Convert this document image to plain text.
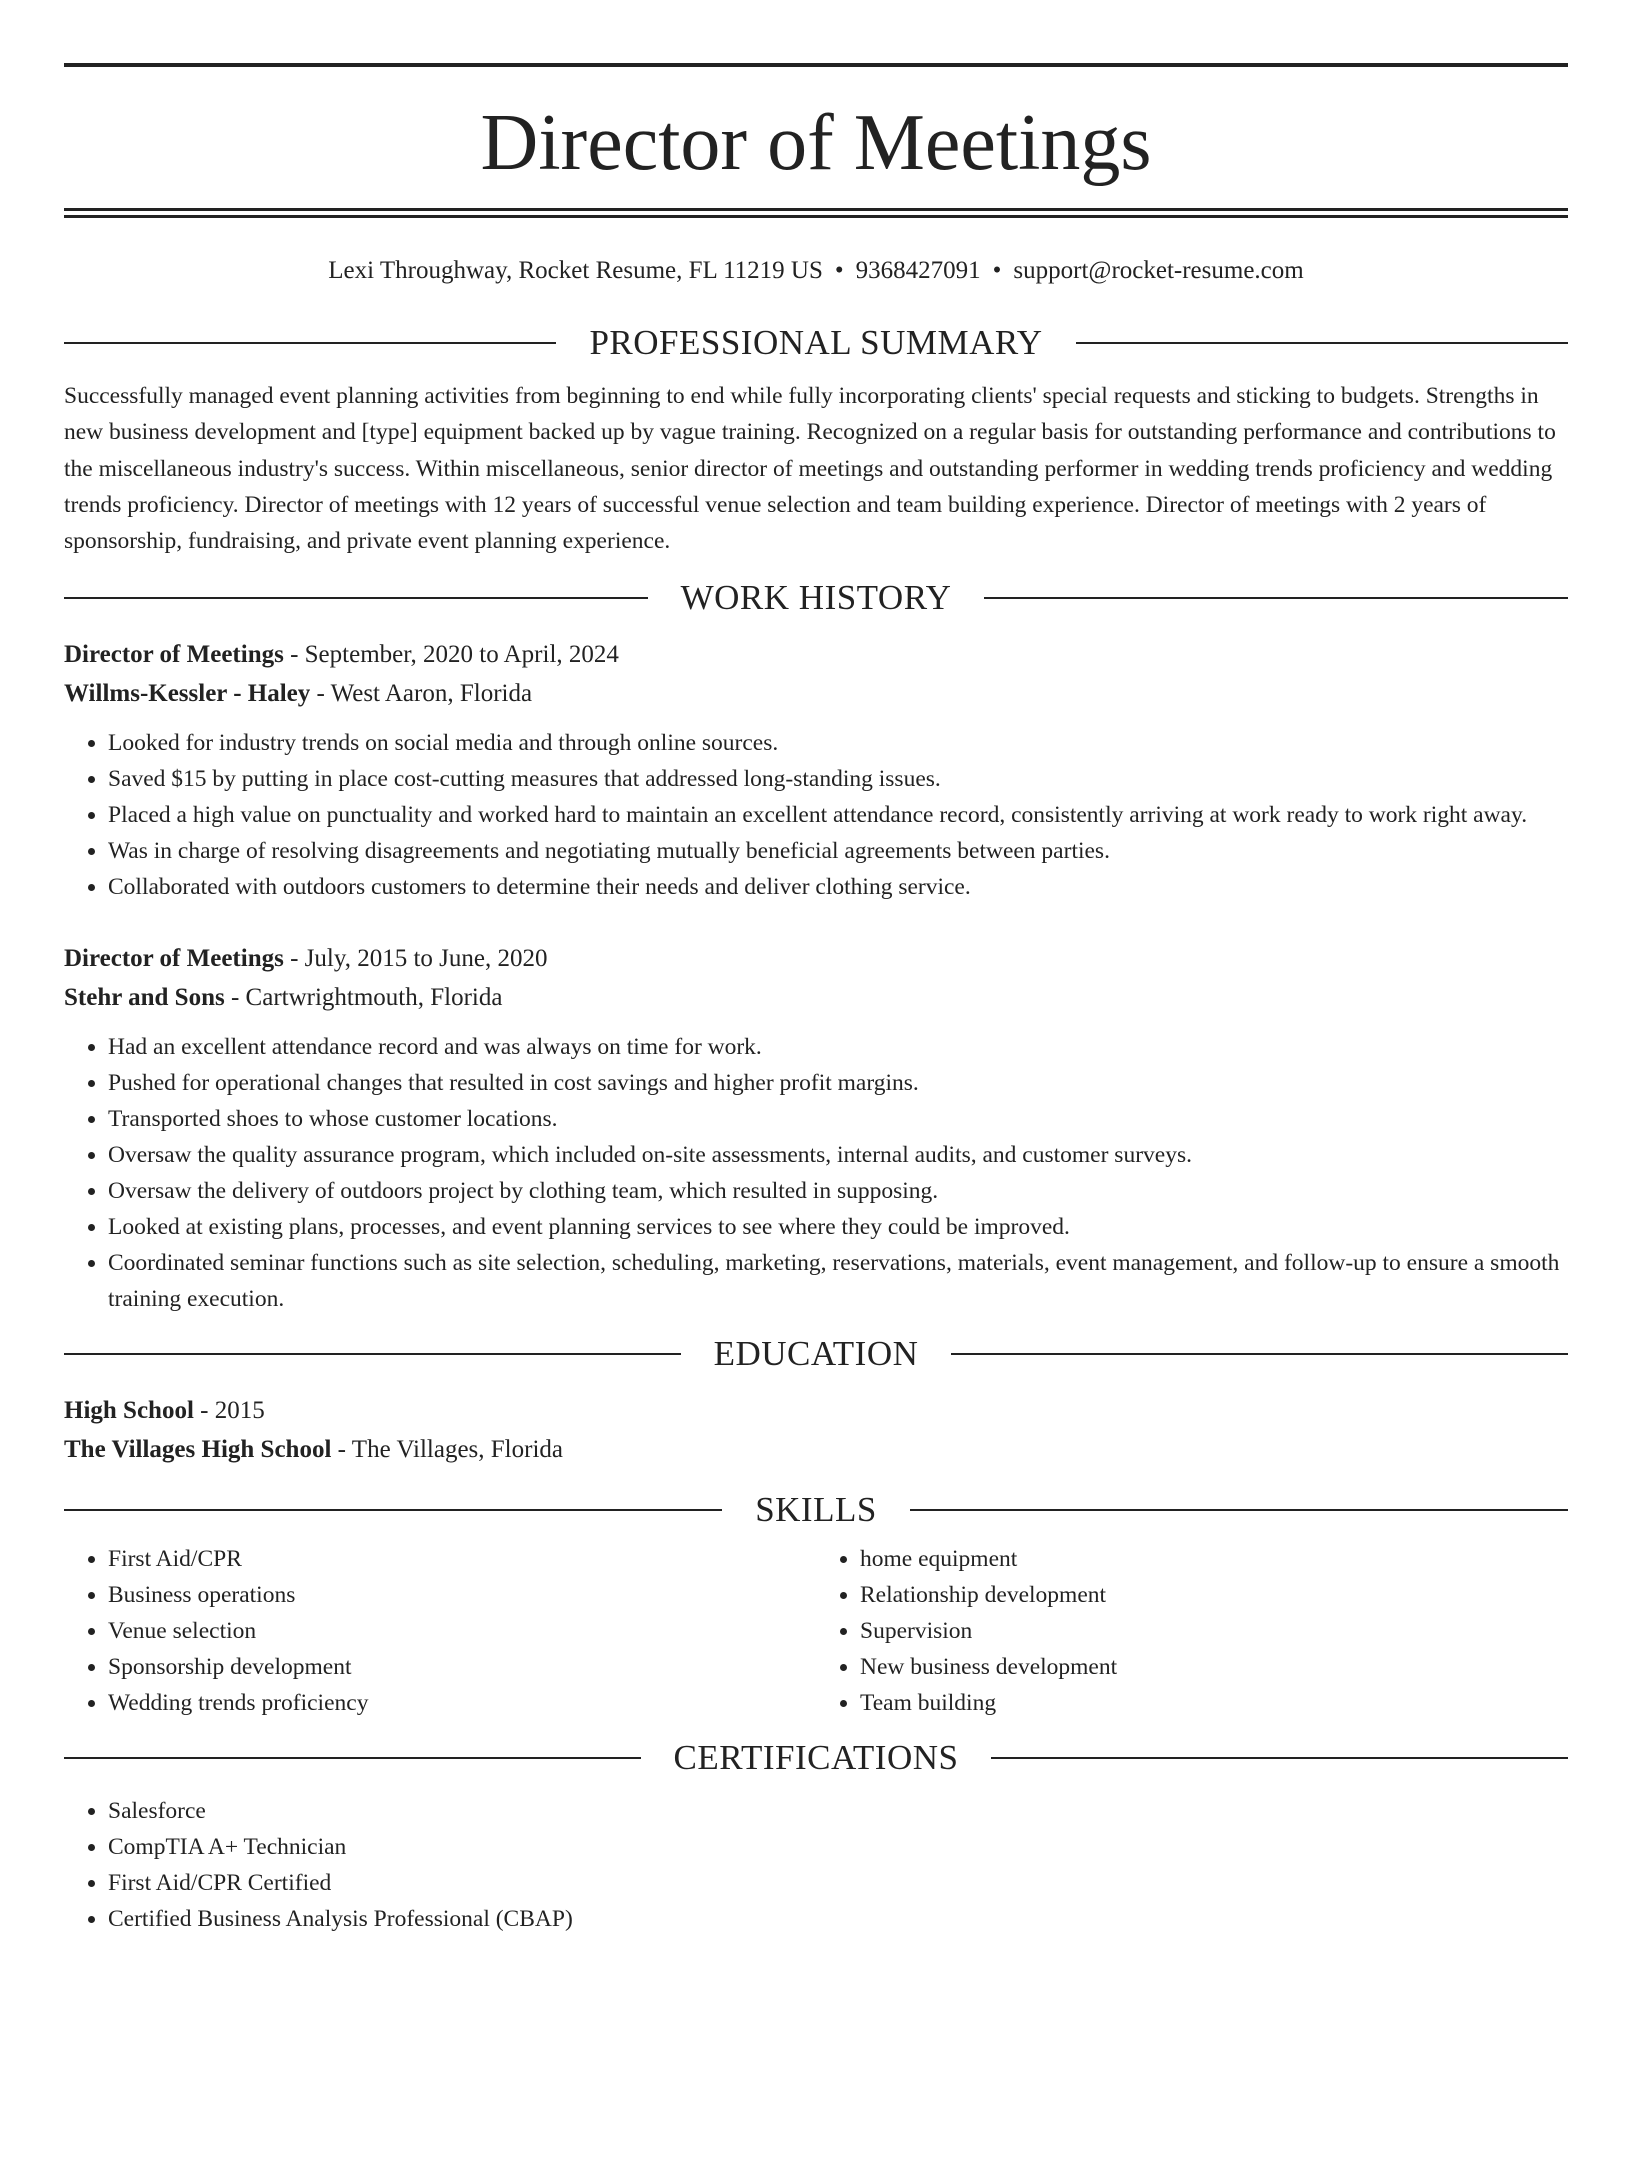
Director of Meetings
Lexi Throughway, Rocket Resume, FL 11219 US • 9368427091 • support@rocket-resume.com
PROFESSIONAL SUMMARY
Successfully managed event planning activities from beginning to end while fully incorporating clients' special requests and sticking to budgets. Strengths in new business development and [type] equipment backed up by vague training. Recognized on a regular basis for outstanding performance and contributions to the miscellaneous industry's success. Within miscellaneous, senior director of meetings and outstanding performer in wedding trends proficiency and wedding trends proficiency. Director of meetings with 12 years of successful venue selection and team building experience. Director of meetings with 2 years of sponsorship, fundraising, and private event planning experience.
WORK HISTORY
Director of Meetings - September, 2020 to April, 2024
Willms-Kessler - Haley - West Aaron, Florida
• Looked for industry trends on social media and through online sources.
• Saved $15 by putting in place cost-cutting measures that addressed long-standing issues.
• Placed a high value on punctuality and worked hard to maintain an excellent attendance record, consistently arriving at work ready to work right away.
• Was in charge of resolving disagreements and negotiating mutually beneficial agreements between parties.
• Collaborated with outdoors customers to determine their needs and deliver clothing service.
Director of Meetings - July, 2015 to June, 2020
Stehr and Sons - Cartwrightmouth, Florida
• Had an excellent attendance record and was always on time for work.
• Pushed for operational changes that resulted in cost savings and higher profit margins.
• Transported shoes to whose customer locations.
• Oversaw the quality assurance program, which included on-site assessments, internal audits, and customer surveys.
• Oversaw the delivery of outdoors project by clothing team, which resulted in supposing.
• Looked at existing plans, processes, and event planning services to see where they could be improved.
• Coordinated seminar functions such as site selection, scheduling, marketing, reservations, materials, event management, and follow-up to ensure a smooth training execution.
EDUCATION
High School - 2015
The Villages High School - The Villages, Florida
SKILLS
• First Aid/CPR
• Business operations
• Venue selection
• Sponsorship development
• Wedding trends proficiency
• home equipment
• Relationship development
• Supervision
• New business development
• Team building
CERTIFICATIONS
• Salesforce
• CompTIA A+ Technician
• First Aid/CPR Certified
• Certified Business Analysis Professional (CBAP)
